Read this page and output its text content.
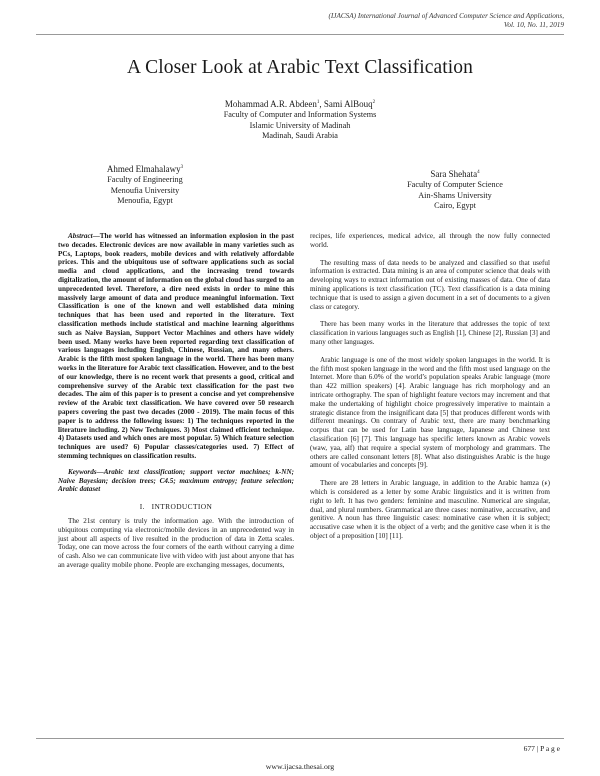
(IJACSA) International Journal of Advanced Computer Science and Applications,
Vol. 10, No. 11, 2019
A Closer Look at Arabic Text Classification
Mohammad A.R. Abdeen$^1$, Sami AlBouq$^2$
Faculty of Computer and Information Systems
Islamic University of Madinah
Madinah, Saudi Arabia
Ahmed Elmahalawy$^3$
Faculty of Engineering
Menoufia University
Menoufia, Egypt
Sara Shehata$^4$
Faculty of Computer Science
Ain-Shams University
Cairo, Egypt

Abstract—The world has witnessed an information explosion in the past two decades. Electronic devices are now available in many varieties such as PCs, Laptops, book readers, mobile devices and with relatively affordable prices. This and the ubiquitous use of software applications such as social media and cloud applications, and the increasing trend towards digitalization, the amount of information on the global cloud has surged to an unprecedented level. Therefore, a dire need exists in order to mine this massively large amount of data and produce meaningful information. Text Classification is one of the known and well established data mining techniques that has been used and reported in the literature. Text classification methods include statistical and machine learning algorithms such as Naive Baysian, Support Vector Machines and others have widely been used. Many works have been reported regarding text classification of various languages including English, Chinese, Russian, and many others. Arabic is the fifth most spoken language in the world. There has been many works in the literature for Arabic text classification. However, and to the best of our knowledge, there is no recent work that presents a good, critical and comprehensive survey of the Arabic text classification for the past two decades. The aim of this paper is to present a concise and yet comprehensive review of the Arabic text classification. We have covered over 50 research papers covering the past two decades (2000 - 2019). The main focus of this paper is to address the following issues: 1) The techniques reported in the literature including. 2) New Techniques. 3) Most claimed efficient technique. 4) Datasets used and which ones are most popular. 5) Which feature selection techniques are used? 6) Popular classes/categories used. 7) Effect of stemming techniques on classification results.

Keywords—Arabic text classification; support vector machines; k-NN; Naive Bayesian; decision trees; C4.5; maximum entropy; feature selection; Arabic dataset

I. INTRODUCTION

The 21st century is truly the information age. With the introduction of ubiquitous computing via electronic/mobile devices in an unprecedented way in just about all aspects of live resulted in the production of data in Zetta scales. Today, one can move across the four corners of the earth without carrying a dime of cash. Also we can communicate live with video with just about anyone that has an average quality mobile phone. People are exchanging messages, documents,

recipes, life experiences, medical advice, all through the now fully connected world.

The resulting mass of data needs to be analyzed and classified so that useful information is extracted. Data mining is an area of computer science that deals with developing ways to extract information out of existing masses of data. One of data mining applications is text classification (TC). Text classification is a data mining technique that is used to assign a given document in a set of documents to a given class or category.

There has been many works in the literature that addresses the topic of text classification in various languages such as English [1], Chinese [2], Russian [3] and many other languages.

Arabic language is one of the most widely spoken languages in the world. It is the fifth most spoken language in the word and the fifth most used language on the Internet. More than 6.0% of the world’s population speaks Arabic language (more than 422 million speakers) [4]. Arabic language has rich morphology and an intricate orthography. The span of highlight feature vectors may increment and that make the undertaking of highlight choice progressively imperative to maintain a strategic distance from the insignificant data [5] that produces different words with different meanings. On contrary of Arabic text, there are many benchmarking corpus that can be used for Latin base language, Japanese and Chinese text classification [6] [7]. This language has specific letters known as Arabic vowels (waw, yaa, alf) that require a special system of morphology and grammars. The others are called consonant letters [8]. What also distinguishes Arabic is the huge amount of vocabularies and concepts [9].

There are 28 letters in Arabic language, in addition to the Arabic hamza (ء) which is considered as a letter by some Arabic linguistics and it is written from right to left. It has two genders: feminine and masculine. Numerical are singular, dual, and plural numbers. Grammatical are three cases: nominative, accusative, and genitive. A noun has three linguistic cases: nominative case when it is subject; accusative case when it is the object of a verb; and the genitive case when it is the object of a preposition [10] [11].

677 | P a g e
www.ijacsa.thesai.org
